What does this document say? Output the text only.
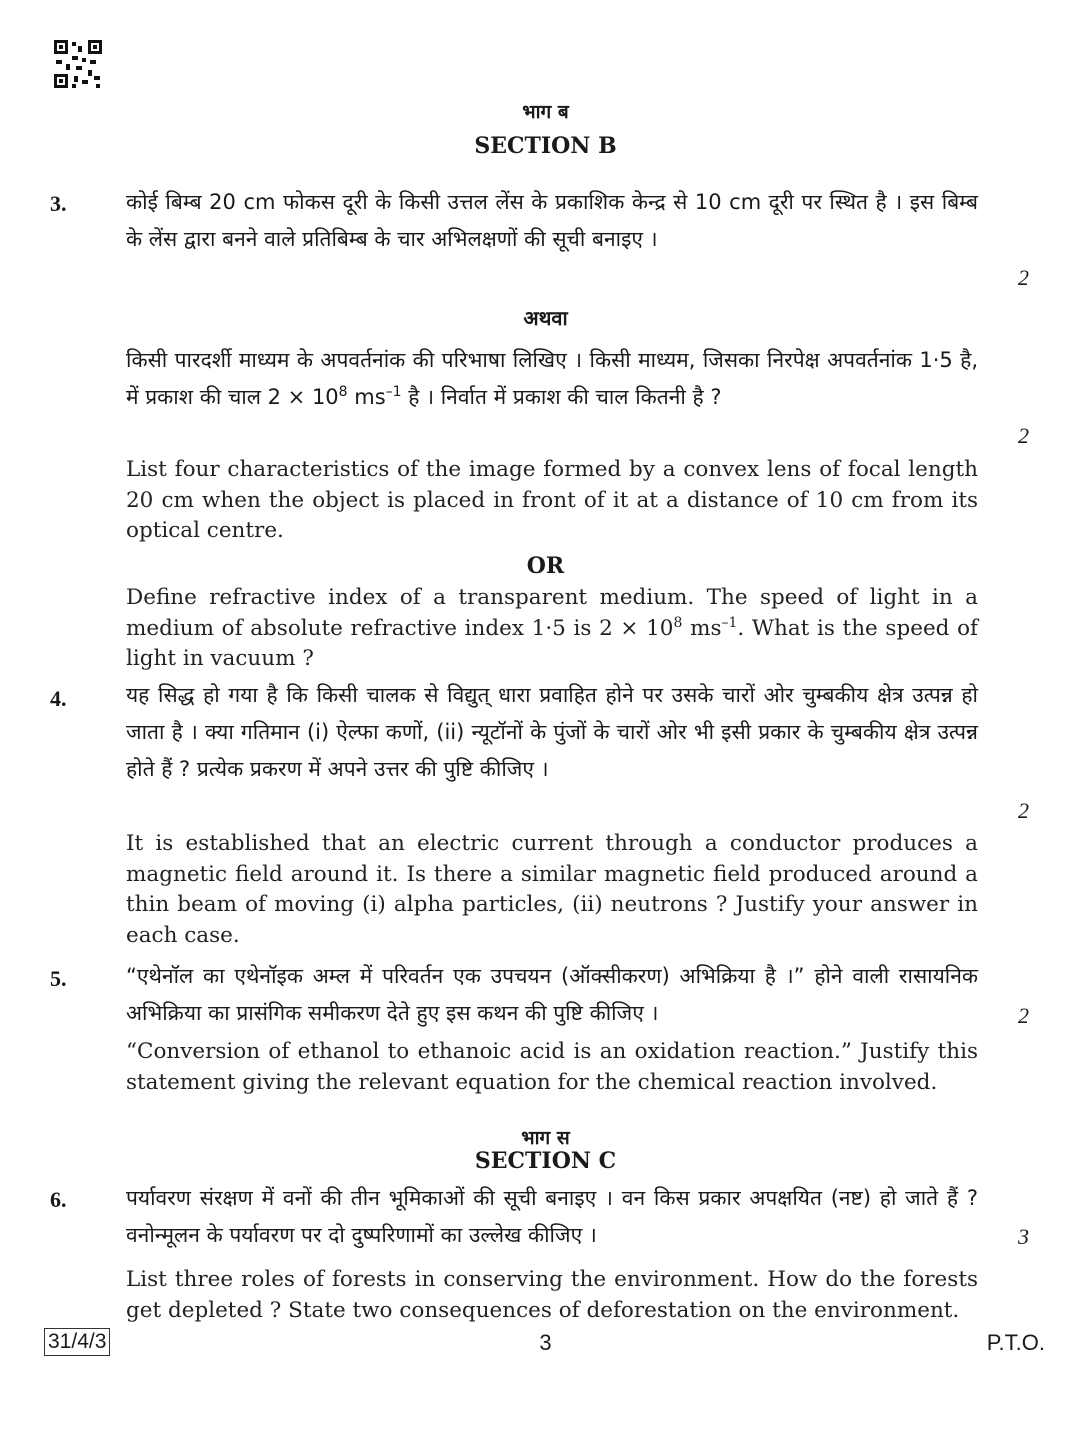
भाग ब
SECTION B
3.	कोई बिम्ब 20 cm फोकस दूरी के किसी उत्तल लेंस के प्रकाशिक केन्द्र से 10 cm दूरी पर स्थित है । इस बिम्ब के लेंस द्वारा बनने वाले प्रतिबिम्ब के चार अभिलक्षणों की सूची बनाइए ।
2
अथवा
किसी पारदर्शी माध्यम के अपवर्तनांक की परिभाषा लिखिए । किसी माध्यम, जिसका निरपेक्ष अपवर्तनांक 1·5 है, में प्रकाश की चाल $2 \times 10^8$ $ms^{-1}$ है । निर्वात में प्रकाश की चाल कितनी है ?
2
List four characteristics of the image formed by a convex lens of focal length 20 cm when the object is placed in front of it at a distance of 10 cm from its optical centre.
OR
Define refractive index of a transparent medium. The speed of light in a medium of absolute refractive index 1·5 is $2 \times 10^8$ $ms^{-1}$. What is the speed of light in vacuum ?
4.	यह सिद्ध हो गया है कि किसी चालक से विद्युत् धारा प्रवाहित होने पर उसके चारों ओर चुम्बकीय क्षेत्र उत्पन्न हो जाता है । क्या गतिमान (i) ऐल्फा कणों, (ii) न्यूटॉनों के पुंजों के चारों ओर भी इसी प्रकार के चुम्बकीय क्षेत्र उत्पन्न होते हैं ? प्रत्येक प्रकरण में अपने उत्तर की पुष्टि कीजिए ।
2
It is established that an electric current through a conductor produces a magnetic field around it. Is there a similar magnetic field produced around a thin beam of moving (i) alpha particles, (ii) neutrons ? Justify your answer in each case.
5.	“एथेनॉल का एथेनॉइक अम्ल में परिवर्तन एक उपचयन (ऑक्सीकरण) अभिक्रिया है ।” होने वाली रासायनिक अभिक्रिया का प्रासंगिक समीकरण देते हुए इस कथन की पुष्टि कीजिए ।	2
“Conversion of ethanol to ethanoic acid is an oxidation reaction.” Justify this statement giving the relevant equation for the chemical reaction involved.
भाग स
SECTION C
6.	पर्यावरण संरक्षण में वनों की तीन भूमिकाओं की सूची बनाइए । वन किस प्रकार अपक्षयित (नष्ट) हो जाते हैं ? वनोन्मूलन के पर्यावरण पर दो दुष्परिणामों का उल्लेख कीजिए ।	3
List three roles of forests in conserving the environment. How do the forests get depleted ? State two consequences of deforestation on the environment.
31/4/3	3	P.T.O.
